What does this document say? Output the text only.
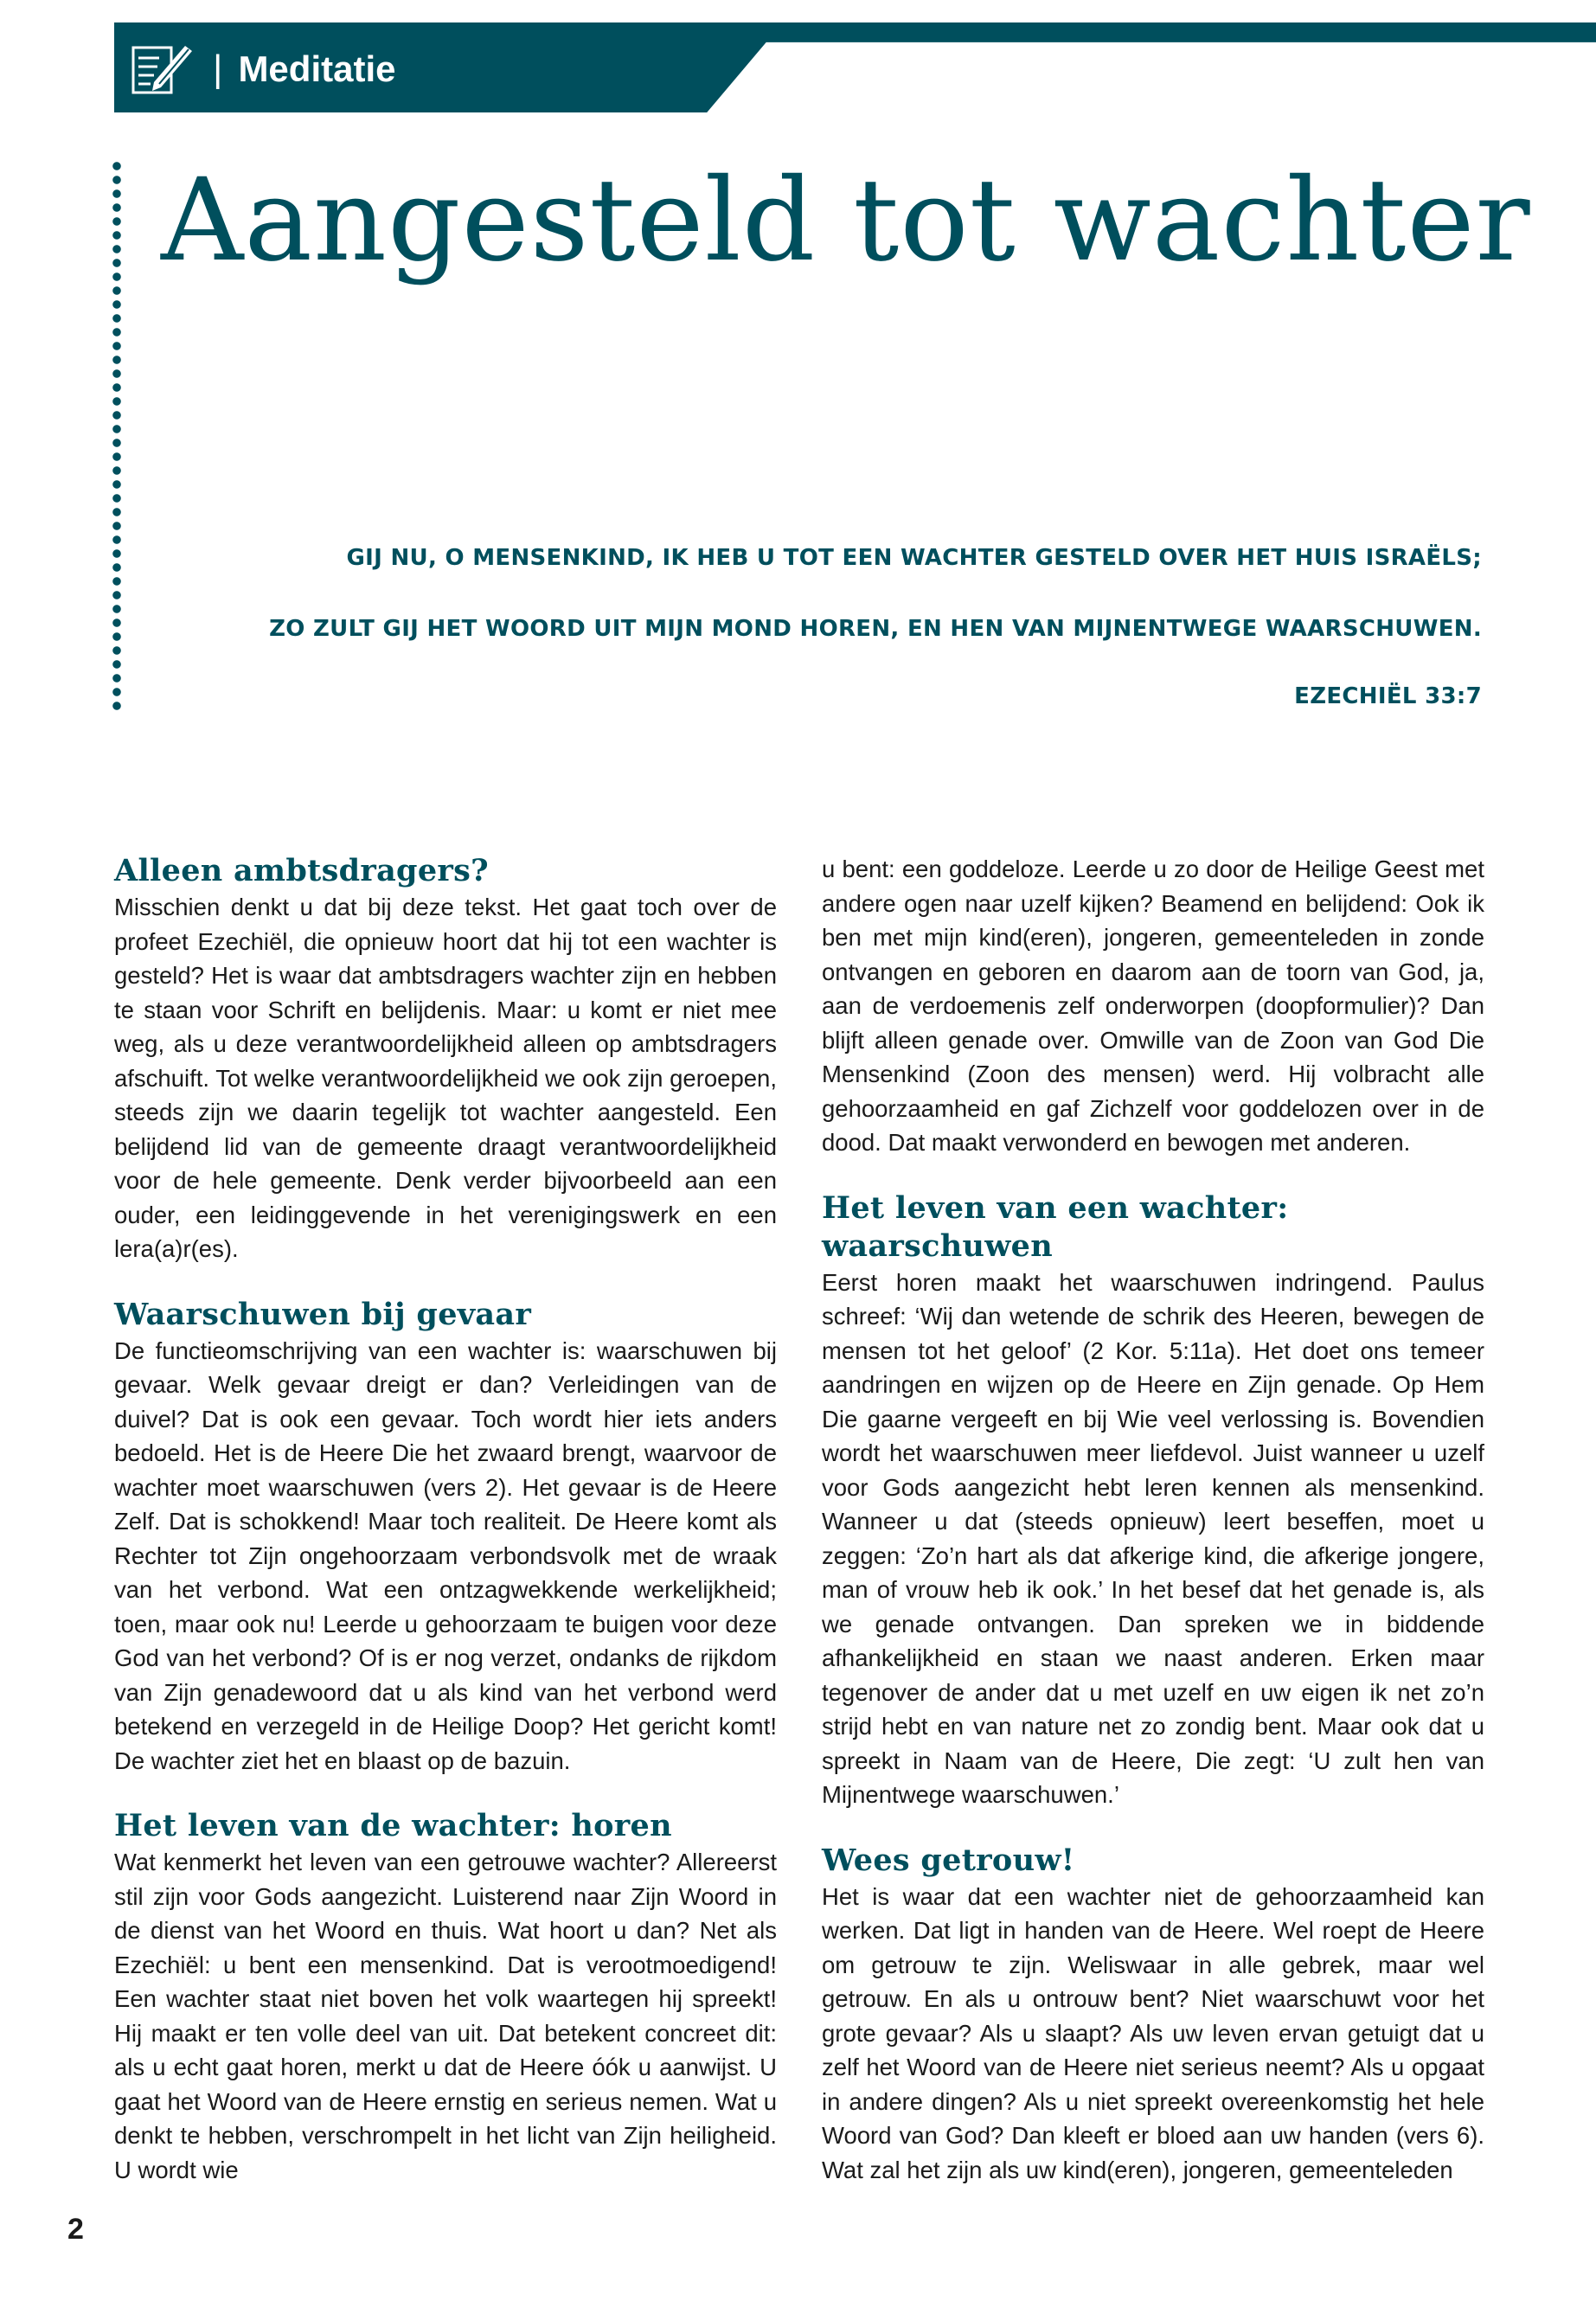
| Meditatie
Aangesteld tot wachter

GIJ NU, O MENSENKIND, IK HEB U TOT EEN WACHTER GESTELD OVER HET HUIS ISRAËLS;

ZO ZULT GIJ HET WOORD UIT MIJN MOND HOREN, EN HEN VAN MIJNENTWEGE WAARSCHUWEN.

EZECHIËL 33:7

Alleen ambtsdragers?

Misschien denkt u dat bij deze tekst. Het gaat toch over de profeet Ezechiël, die opnieuw hoort dat hij tot een wachter is gesteld? Het is waar dat ambtsdragers wachter zijn en hebben te staan voor Schrift en belijdenis. Maar: u komt er niet mee weg, als u deze verantwoordelijkheid alleen op ambtsdragers afschuift. Tot welke verantwoordelijkheid we ook zijn geroepen, steeds zijn we daarin tegelijk tot wachter aangesteld. Een belijdend lid van de gemeente draagt verantwoordelijkheid voor de hele gemeente. Denk verder bijvoorbeeld aan een ouder, een leidinggevende in het verenigingswerk en een lera(a)r(es).

Waarschuwen bij gevaar

De functieomschrijving van een wachter is: waarschuwen bij gevaar. Welk gevaar dreigt er dan? Verleidingen van de duivel? Dat is ook een gevaar. Toch wordt hier iets anders bedoeld. Het is de Heere Die het zwaard brengt, waarvoor de wachter moet waarschuwen (vers 2). Het gevaar is de Heere Zelf. Dat is schokkend! Maar toch realiteit. De Heere komt als Rechter tot Zijn ongehoorzaam verbondsvolk met de wraak van het verbond. Wat een ontzagwekkende werkelijkheid; toen, maar ook nu! Leerde u gehoorzaam te buigen voor deze God van het verbond? Of is er nog verzet, ondanks de rijkdom van Zijn genadewoord dat u als kind van het verbond werd betekend en verzegeld in de Heilige Doop? Het gericht komt! De wachter ziet het en blaast op de bazuin.

Het leven van de wachter: horen

Wat kenmerkt het leven van een getrouwe wachter? Allereerst stil zijn voor Gods aangezicht. Luisterend naar Zijn Woord in de dienst van het Woord en thuis. Wat hoort u dan? Net als Ezechiël: u bent een mensenkind. Dat is verootmoedigend! Een wachter staat niet boven het volk waartegen hij spreekt! Hij maakt er ten volle deel van uit. Dat betekent concreet dit: als u echt gaat horen, merkt u dat de Heere óók u aanwijst. U gaat het Woord van de Heere ernstig en serieus nemen. Wat u denkt te hebben, verschrompelt in het licht van Zijn heiligheid. U wordt wie

u bent: een goddeloze. Leerde u zo door de Heilige Geest met andere ogen naar uzelf kijken? Beamend en belijdend: Ook ik ben met mijn kind(eren), jongeren, gemeenteleden in zonde ontvangen en geboren en daarom aan de toorn van God, ja, aan de verdoemenis zelf onderworpen (doopformulier)? Dan blijft alleen genade over. Omwille van de Zoon van God Die Mensenkind (Zoon des mensen) werd. Hij volbracht alle gehoorzaamheid en gaf Zichzelf voor goddelozen over in de dood. Dat maakt verwonderd en bewogen met anderen.

Het leven van een wachter: waarschuwen

Eerst horen maakt het waarschuwen indringend. Paulus schreef: ‘Wij dan wetende de schrik des Heeren, bewegen de mensen tot het geloof’ (2 Kor. 5:11a). Het doet ons temeer aandringen en wijzen op de Heere en Zijn genade. Op Hem Die gaarne vergeeft en bij Wie veel verlossing is. Bovendien wordt het waarschuwen meer liefdevol. Juist wanneer u uzelf voor Gods aangezicht hebt leren kennen als mensenkind. Wanneer u dat (steeds opnieuw) leert beseffen, moet u zeggen: ‘Zo’n hart als dat afkerige kind, die afkerige jongere, man of vrouw heb ik ook.’ In het besef dat het genade is, als we genade ontvangen. Dan spreken we in biddende afhankelijkheid en staan we naast anderen. Erken maar tegenover de ander dat u met uzelf en uw eigen ik net zo’n strijd hebt en van nature net zo zondig bent. Maar ook dat u spreekt in Naam van de Heere, Die zegt: ‘U zult hen van Mijnentwege waarschuwen.’

Wees getrouw!

Het is waar dat een wachter niet de gehoorzaamheid kan werken. Dat ligt in handen van de Heere. Wel roept de Heere om getrouw te zijn. Weliswaar in alle gebrek, maar wel getrouw. En als u ontrouw bent? Niet waarschuwt voor het grote gevaar? Als u slaapt? Als uw leven ervan getuigt dat u zelf het Woord van de Heere niet serieus neemt? Als u opgaat in andere dingen? Als u niet spreekt overeenkomstig het hele Woord van God? Dan kleeft er bloed aan uw handen (vers 6). Wat zal het zijn als uw kind(eren), jongeren, gemeenteleden

2
